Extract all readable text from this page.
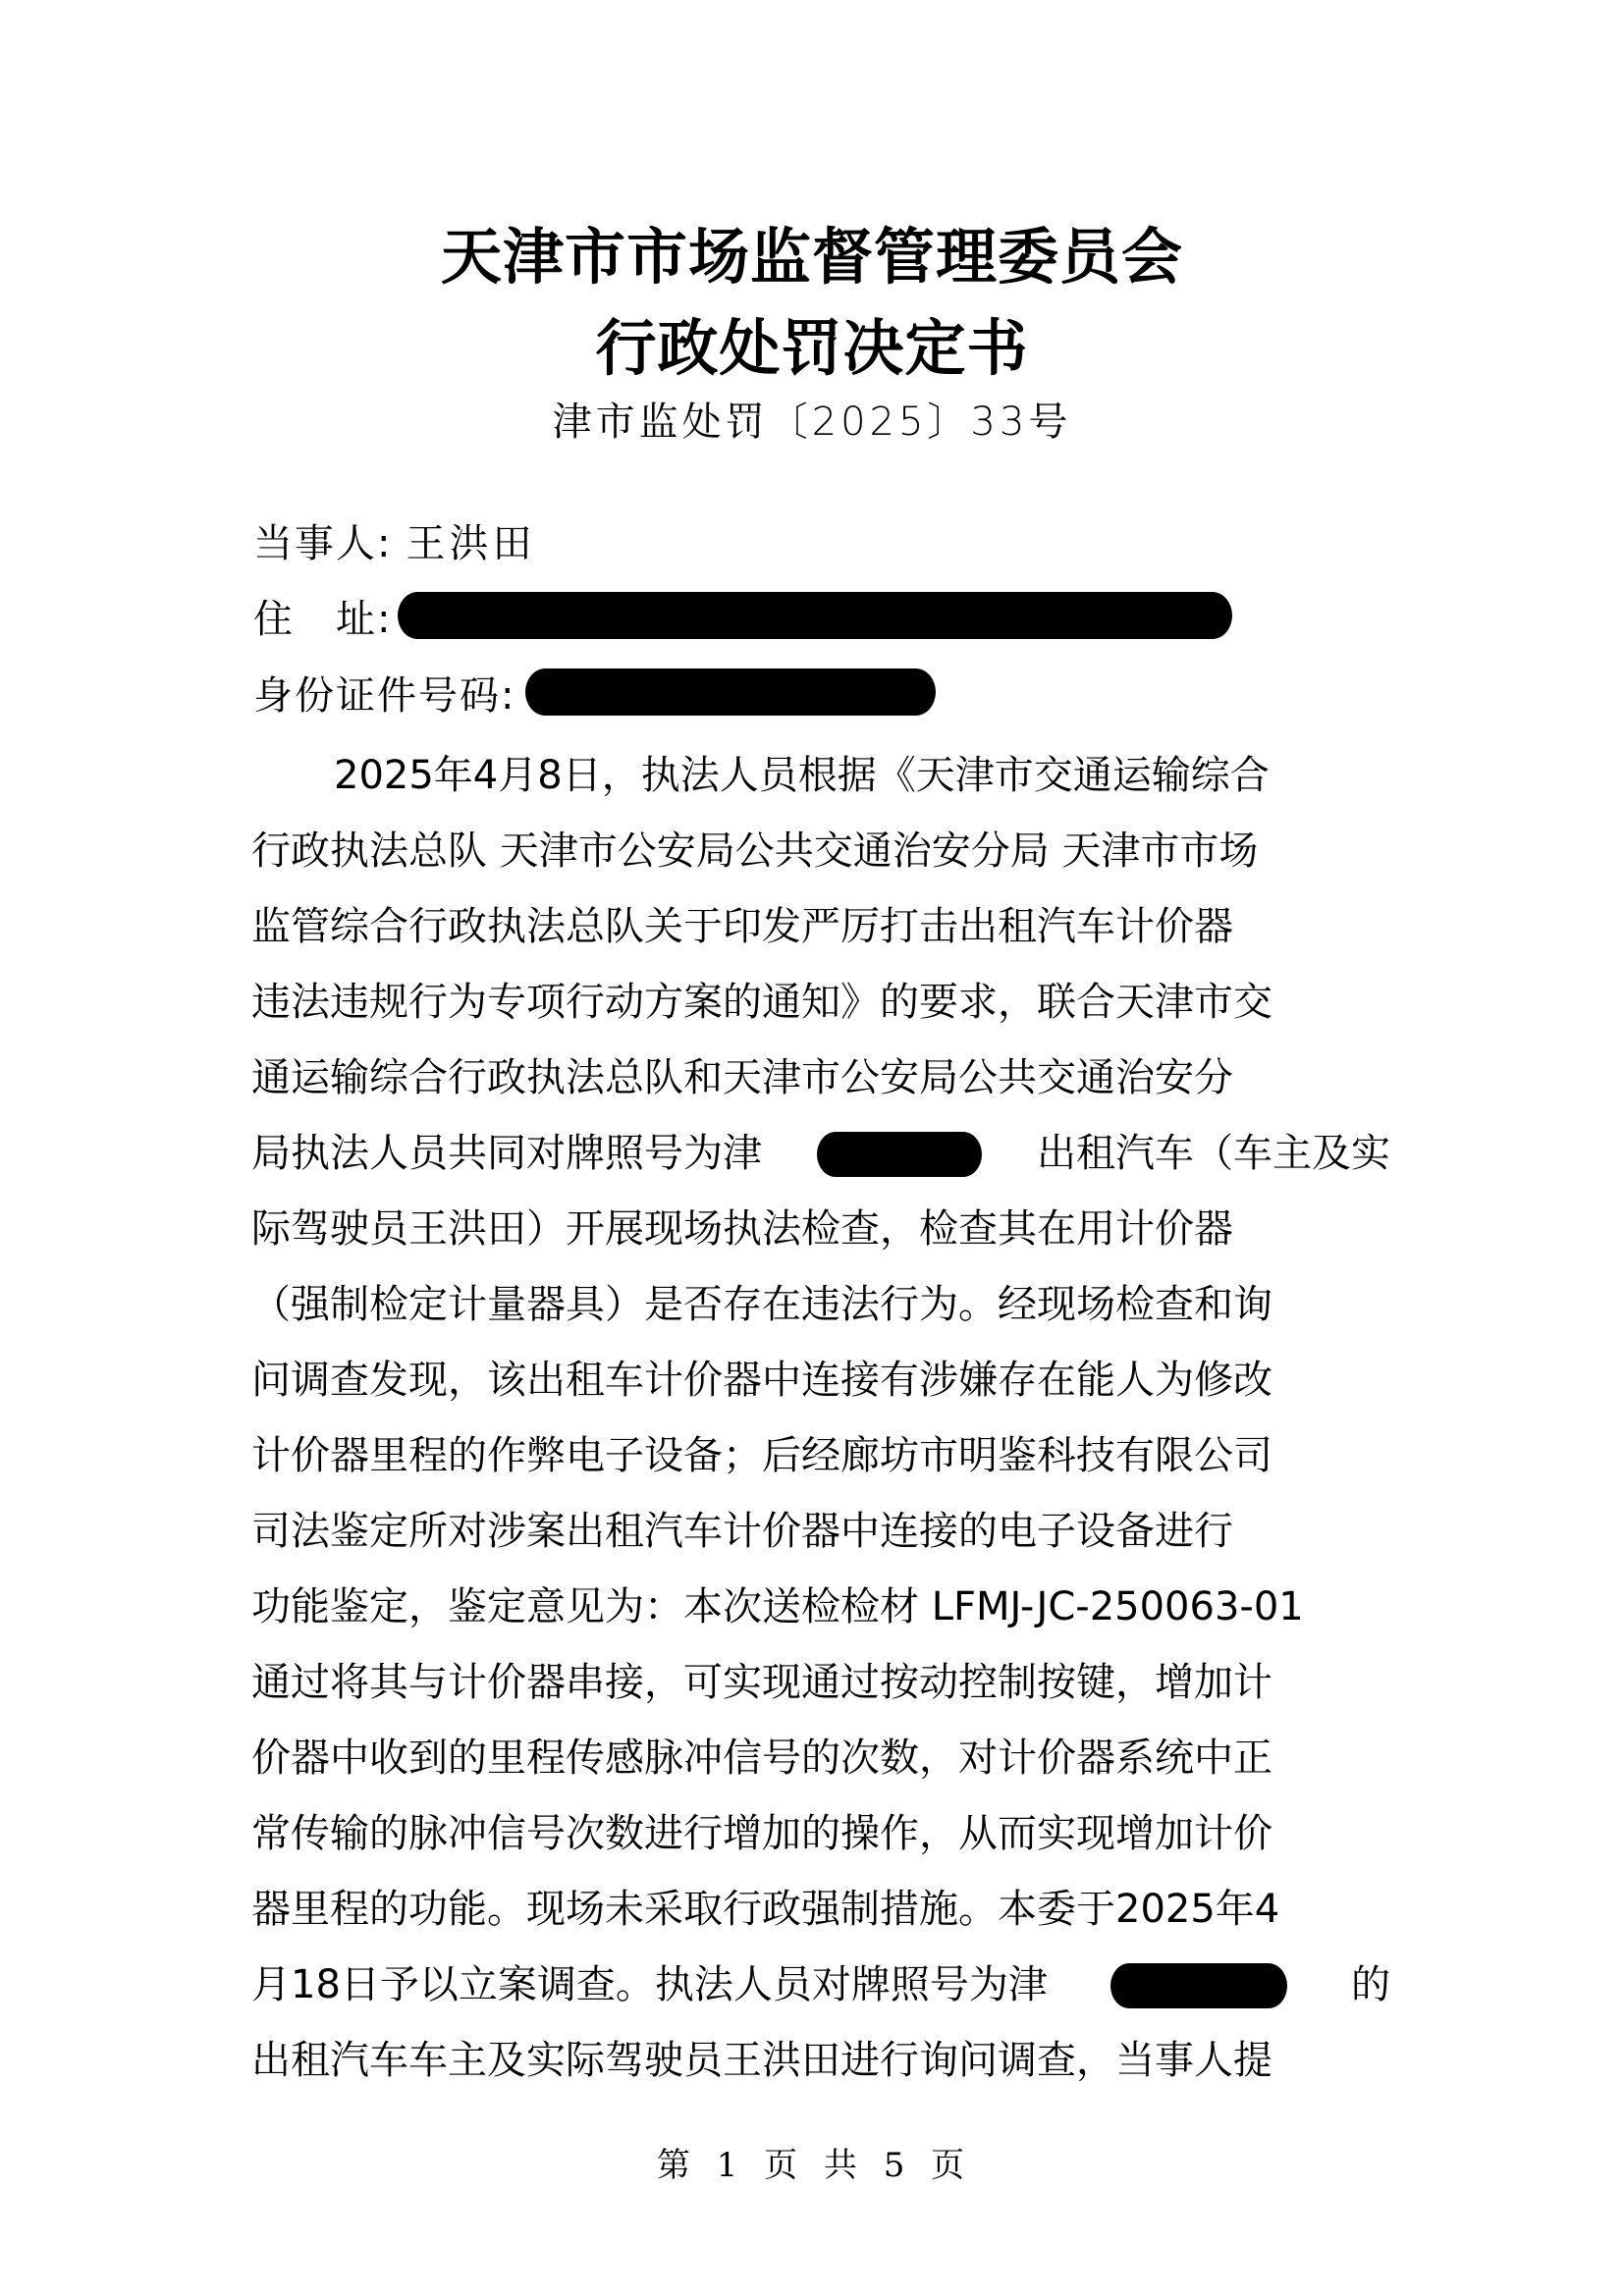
天津市市场监督管理委员会
行政处罚决定书
津市监处罚〔2025〕33号
当事人: 王洪田
住　址:
身份证件号码:
2025年4月8日，执法人员根据《天津市交通运输综合
行政执法总队 天津市公安局公共交通治安分局 天津市市场
监管综合行政执法总队关于印发严厉打击出租汽车计价器
违法违规行为专项行动方案的通知》的要求，联合天津市交
通运输综合行政执法总队和天津市公安局公共交通治安分
局执法人员共同对牌照号为津	出租汽车（车主及实
际驾驶员王洪田）开展现场执法检查，检查其在用计价器
（强制检定计量器具）是否存在违法行为。经现场检查和询
问调查发现，该出租车计价器中连接有涉嫌存在能人为修改
计价器里程的作弊电子设备；后经廊坊市明鉴科技有限公司
司法鉴定所对涉案出租汽车计价器中连接的电子设备进行
功能鉴定，鉴定意见为：本次送检检材 LFMJ-JC-250063-01
通过将其与计价器串接，可实现通过按动控制按键，增加计
价器中收到的里程传感脉冲信号的次数，对计价器系统中正
常传输的脉冲信号次数进行增加的操作，从而实现增加计价
器里程的功能。现场未采取行政强制措施。本委于2025年4
月18日予以立案调查。执法人员对牌照号为津	的
出租汽车车主及实际驾驶员王洪田进行询问调查，当事人提
第 1 页 共 5 页
